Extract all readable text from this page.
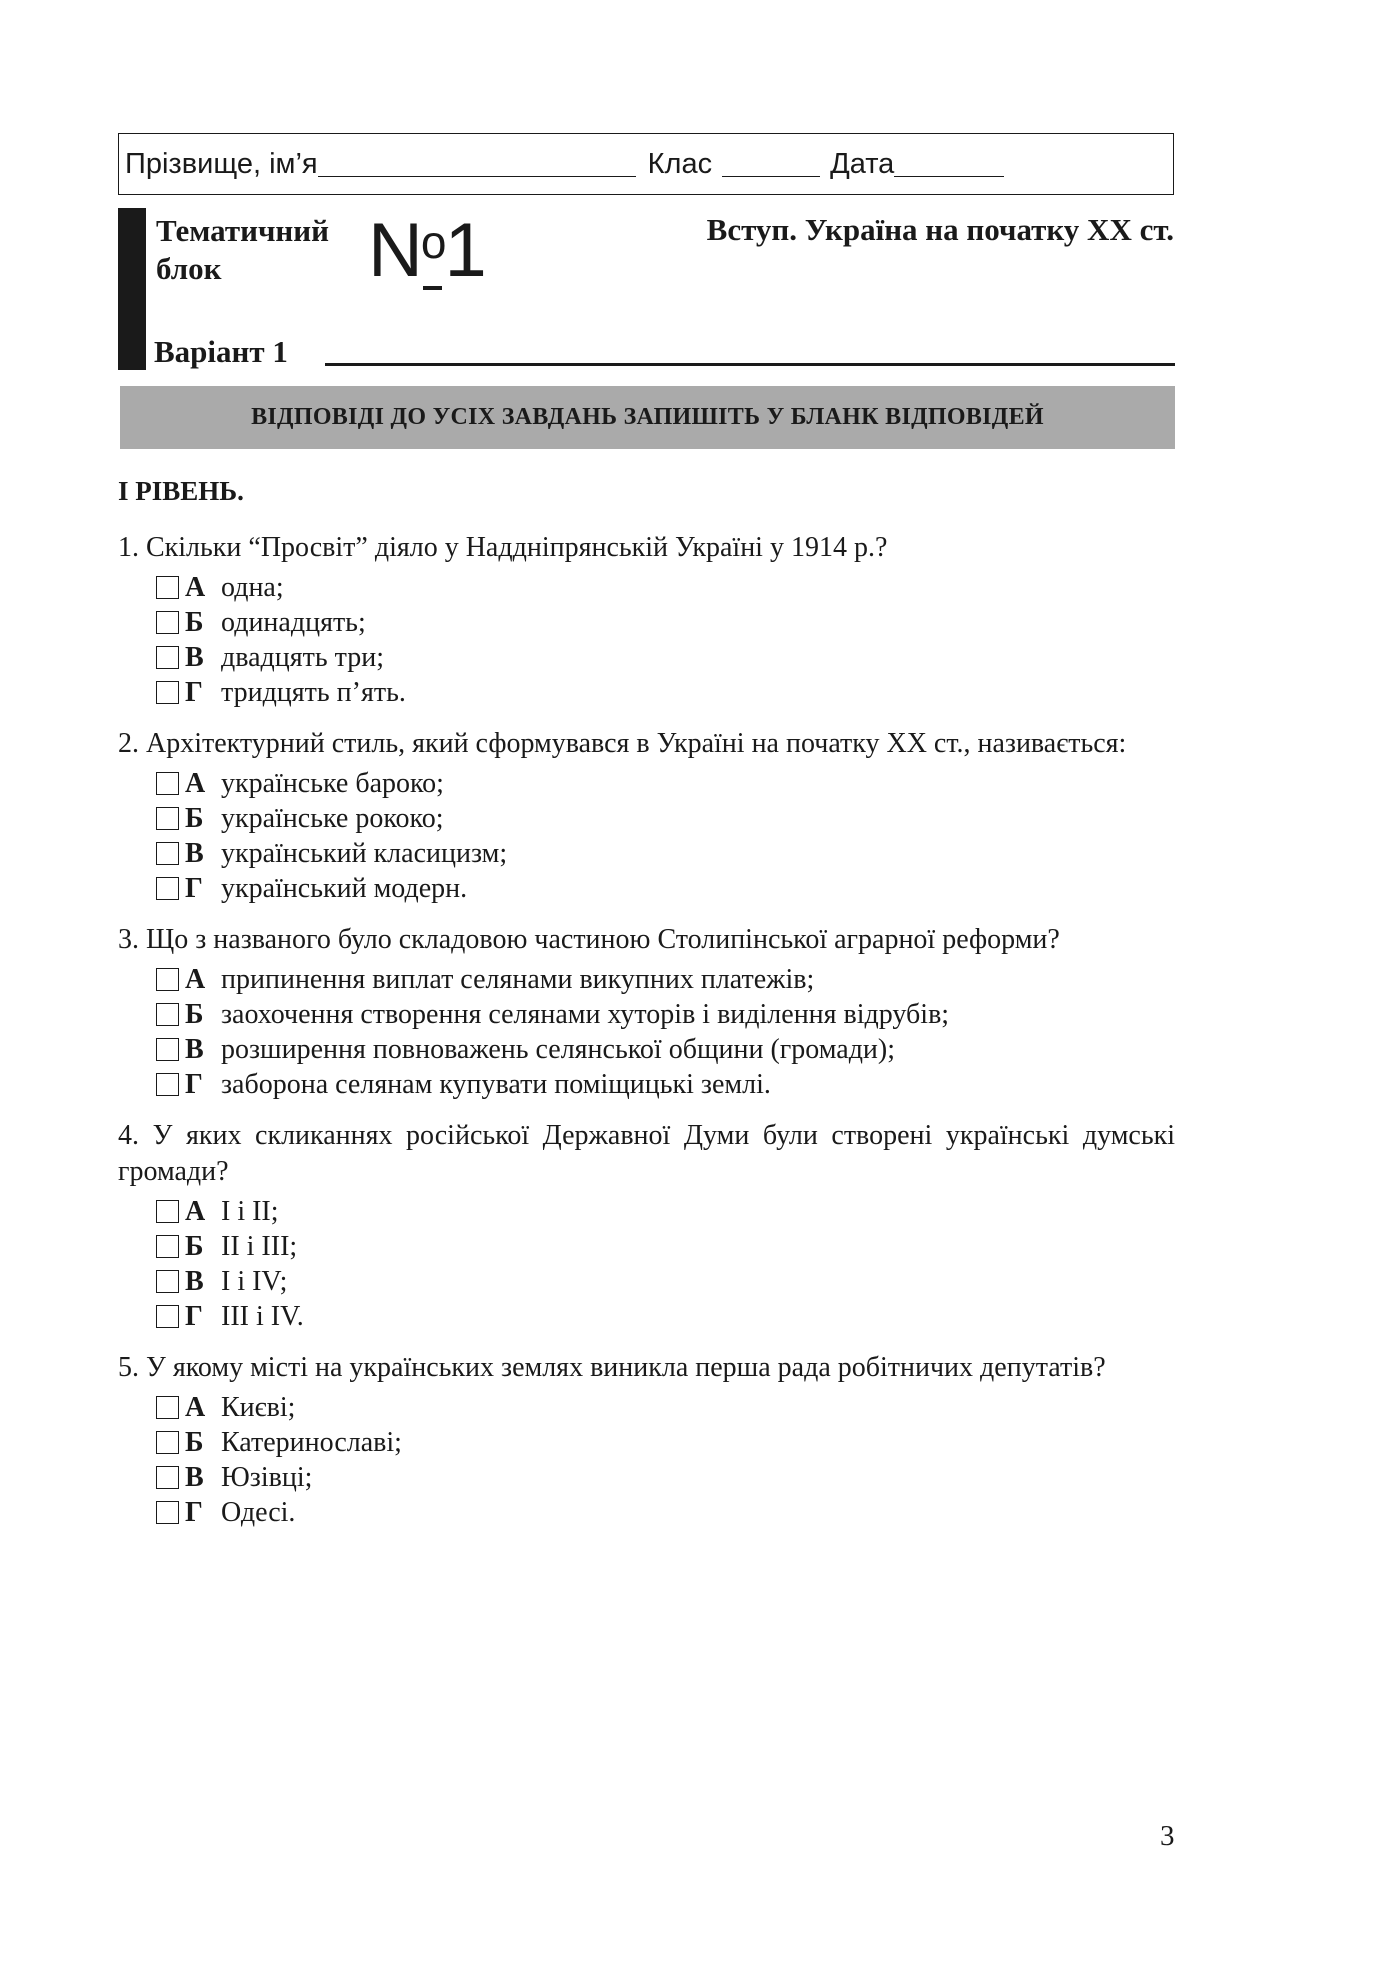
Прізвище, ім’я	Клас	Дата
Тематичний блок	No1	Вступ. Україна на початку XX ст.
Варіант 1
ВІДПОВІДІ ДО УСІХ ЗАВДАНЬ ЗАПИШІТЬ У БЛАНК ВІДПОВІДЕЙ
І РІВЕНЬ.

1. Скільки “Просвіт” діяло у Наддніпрянській Україні у 1914 р.?

А одна;
Б одинадцять;
В двадцять три;
Г тридцять п’ять.

2. Архітектурний стиль, який сформувався в Україні на початку XX ст., називається:

А українське бароко;
Б українське рококо;
В український класицизм;
Г український модерн.

3. Що з названого було складовою частиною Столипінської аграрної реформи?

А припинення виплат селянами викупних платежів;
Б заохочення створення селянами хуторів і виділення відрубів;
В розширення повноважень селянської общини (громади);
Г заборона селянам купувати поміщицькі землі.

4. У яких скликаннях російської Державної Думи були створені українські думські громади?

А I і II;
Б II і III;
В I і IV;
Г III і IV.

5. У якому місті на українських землях виникла перша рада робітничих депутатів?

А Києві;
Б Катеринославі;
В Юзівці;
Г Одесі.
3
